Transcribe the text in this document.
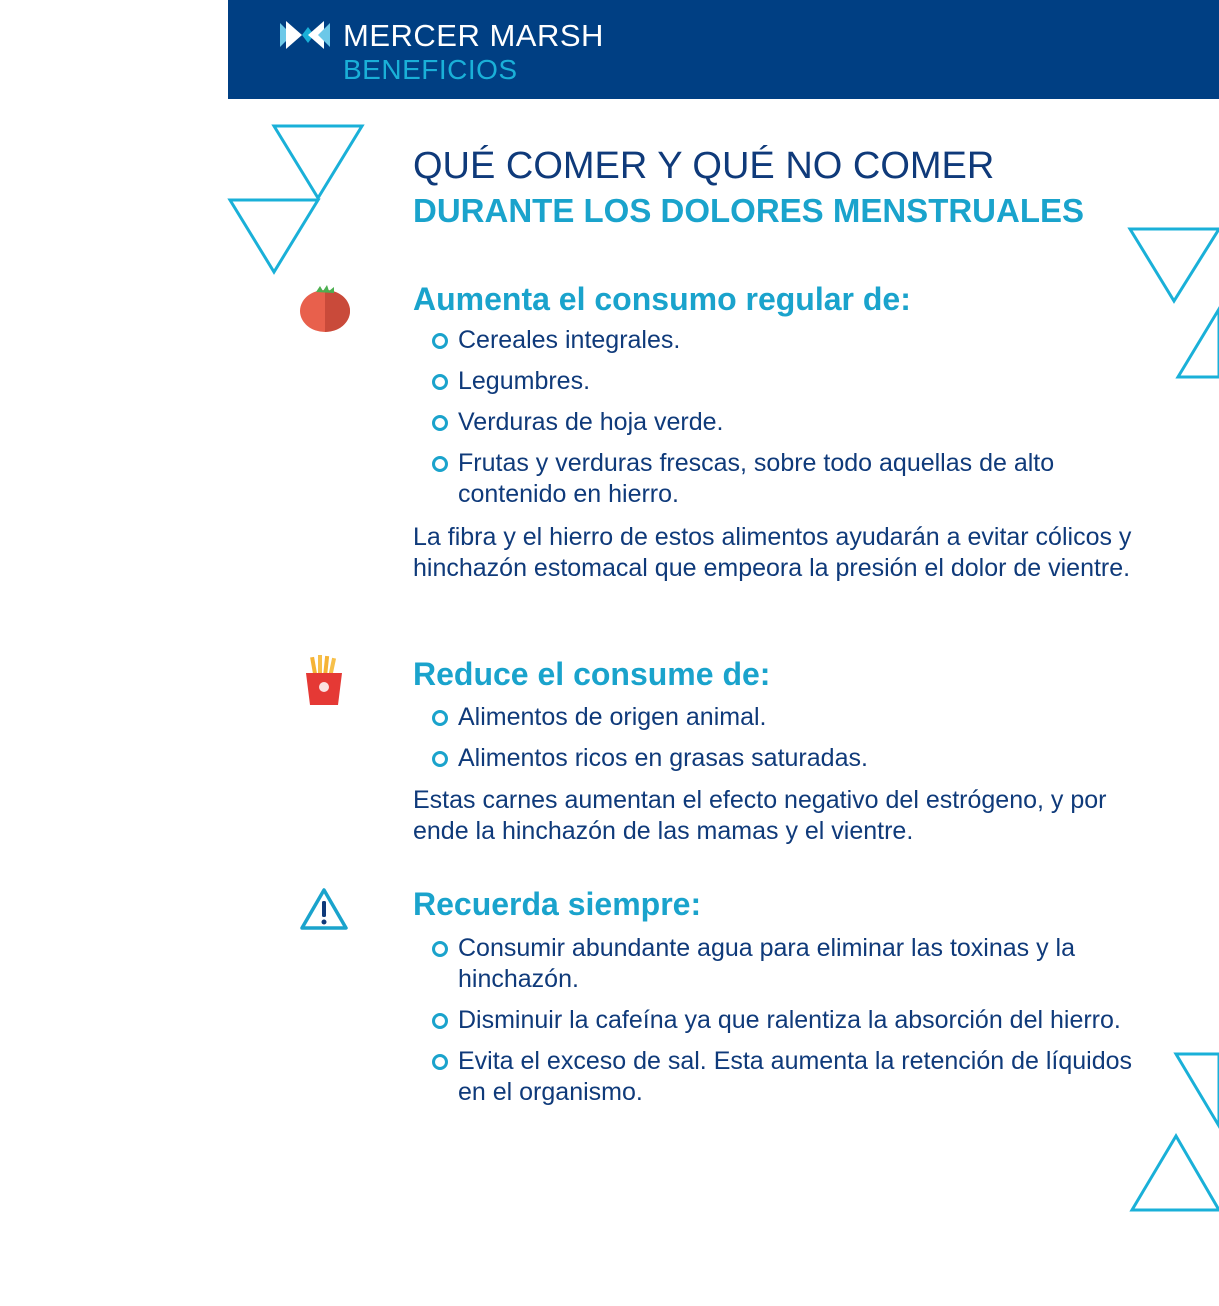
MERCER MARSH
BENEFICIOS
QUÉ COMER Y QUÉ NO COMER
DURANTE LOS DOLORES MENSTRUALES
Aumenta el consumo regular de:
Cereales integrales.
Legumbres.
Verduras de hoja verde.
Frutas y verduras frescas, sobre todo aquellas de alto contenido en hierro.

La fibra y el hierro de estos alimentos ayudarán a evitar cólicos y hinchazón estomacal que empeora la presión el dolor de vientre.

Reduce el consume de:
Alimentos de origen animal.
Alimentos ricos en grasas saturadas.

Estas carnes aumentan el efecto negativo del estrógeno, y por ende la hinchazón de las mamas y el vientre.

Recuerda siempre:
Consumir abundante agua para eliminar las toxinas y la hinchazón.
Disminuir la cafeína ya que ralentiza la absorción del hierro.
Evita el exceso de sal. Esta aumenta la retención de líquidos en el organismo.
